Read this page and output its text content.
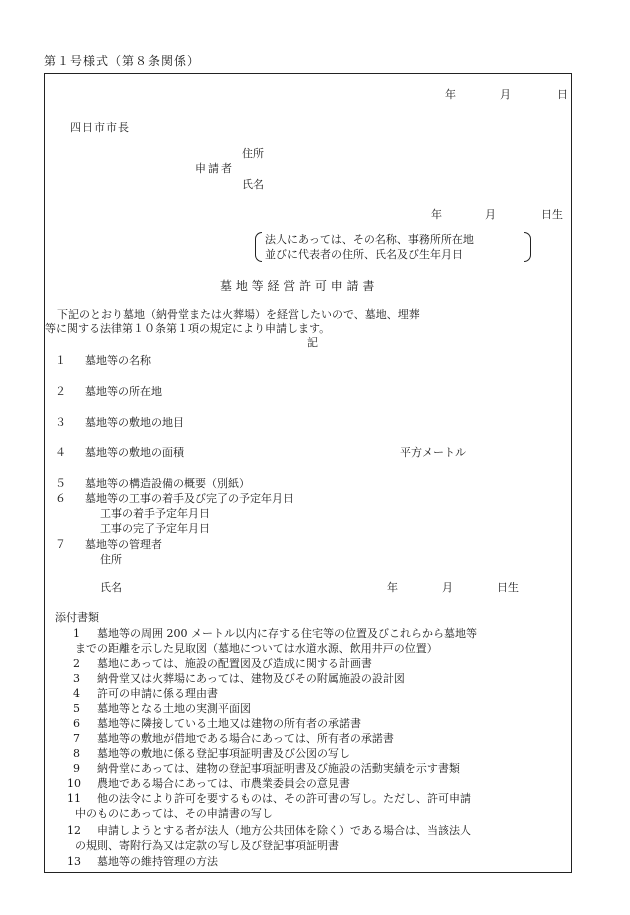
第１号様式（第８条関係）
年	月	日
四日市市長
住所
申請者
氏名
年	月	日生
法人にあっては、その名称、事務所所在地
並びに代表者の住所、氏名及び生年月日
墓 地 等 経 営 許 可 申 請 書
下記のとおり墓地（納骨堂または火葬場）を経営したいので、墓地、埋葬
等に関する法律第１０条第１項の規定により申請します。
記
１ 墓地等の名称
２ 墓地等の所在地
３ 墓地等の敷地の地目
４ 墓地等の敷地の面積	平方メートル
５ 墓地等の構造設備の概要（別紙）
６ 墓地等の工事の着手及び完了の予定年月日
工事の着手予定年月日
工事の完了予定年月日
７ 墓地等の管理者
住所
氏名	年	月	日生
添付書類
1 墓地等の周囲 200 メートル以内に存する住宅等の位置及びこれらから墓地等
までの距離を示した見取図（墓地については水道水源、飲用井戸の位置）
2 墓地にあっては、施設の配置図及び造成に関する計画書
3 納骨堂又は火葬場にあっては、建物及びその附属施設の設計図
4 許可の申請に係る理由書
5 墓地等となる土地の実測平面図
6 墓地等に隣接している土地又は建物の所有者の承諾書
7 墓地等の敷地が借地である場合にあっては、所有者の承諾書
8 墓地等の敷地に係る登記事項証明書及び公図の写し
9 納骨堂にあっては、建物の登記事項証明書及び施設の活動実績を示す書類
10 農地である場合にあっては、市農業委員会の意見書
11 他の法令により許可を要するものは、その許可書の写し。ただし、許可申請
中のものにあっては、その申請書の写し
12 申請しようとする者が法人（地方公共団体を除く）である場合は、当該法人
の規則、寄附行為又は定款の写し及び登記事項証明書
13 墓地等の維持管理の方法
